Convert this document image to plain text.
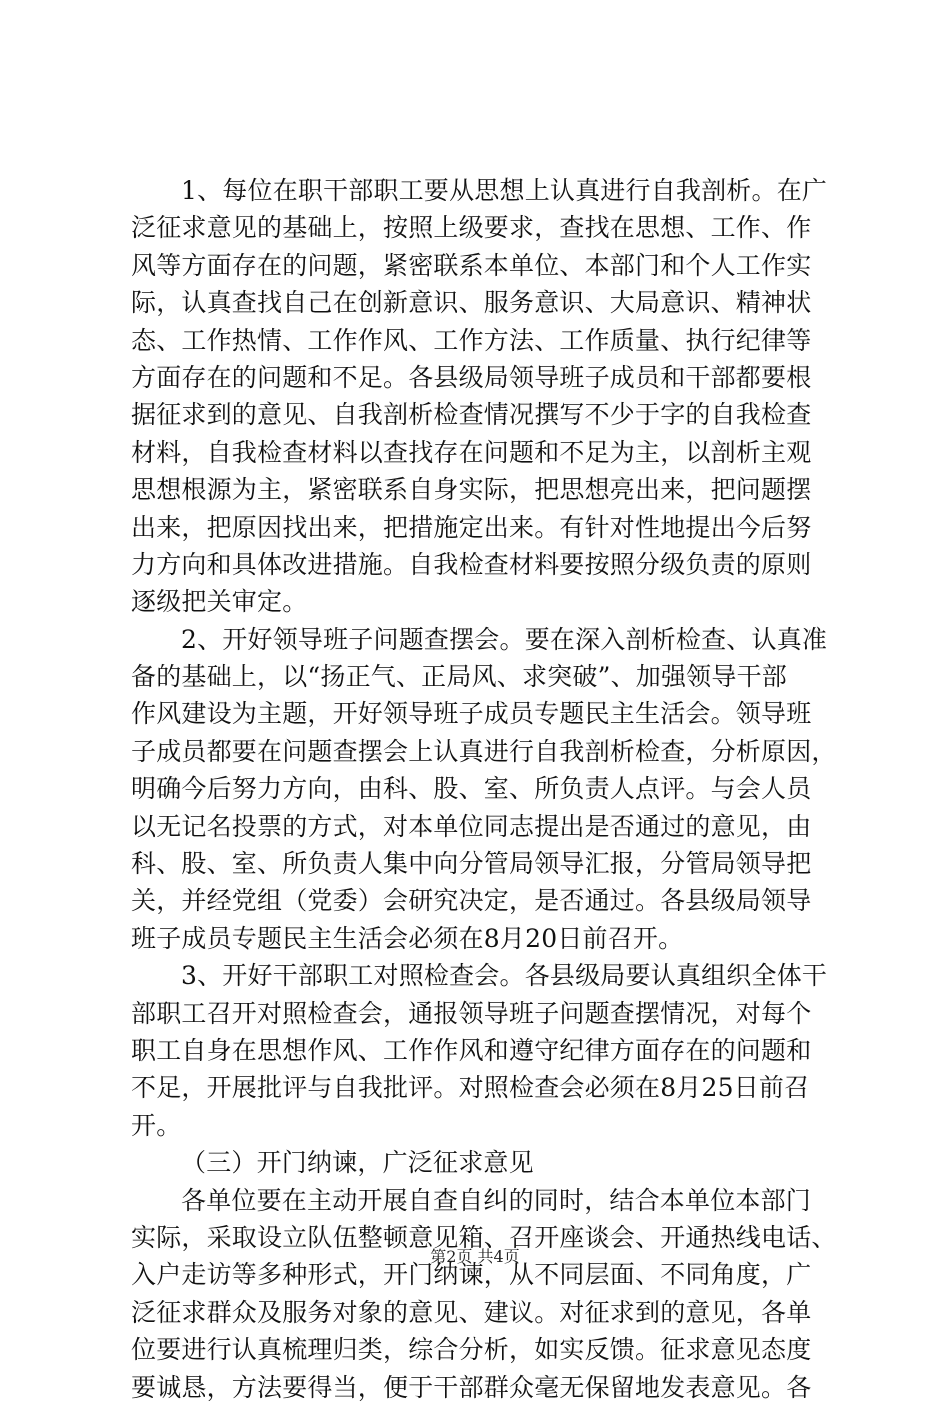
1、每位在职干部职工要从思想上认真进行自我剖析。在广
泛征求意见的基础上，按照上级要求，查找在思想、工作、作
风等方面存在的问题，紧密联系本单位、本部门和个人工作实
际，认真查找自己在创新意识、服务意识、大局意识、精神状
态、工作热情、工作作风、工作方法、工作质量、执行纪律等
方面存在的问题和不足。各县级局领导班子成员和干部都要根
据征求到的意见、自我剖析检查情况撰写不少于字的自我检查
材料，自我检查材料以查找存在问题和不足为主，以剖析主观
思想根源为主，紧密联系自身实际，把思想亮出来，把问题摆
出来，把原因找出来，把措施定出来。有针对性地提出今后努
力方向和具体改进措施。自我检查材料要按照分级负责的原则
逐级把关审定。
2、开好领导班子问题查摆会。要在深入剖析检查、认真准
备的基础上，以“扬正气、正局风、求突破”、加强领导干部
作风建设为主题，开好领导班子成员专题民主生活会。领导班
子成员都要在问题查摆会上认真进行自我剖析检查，分析原因，
明确今后努力方向，由科、股、室、所负责人点评。与会人员
以无记名投票的方式，对本单位同志提出是否通过的意见，由
科、股、室、所负责人集中向分管局领导汇报，分管局领导把
关，并经党组（党委）会研究决定，是否通过。各县级局领导
班子成员专题民主生活会必须在8月20日前召开。
3、开好干部职工对照检查会。各县级局要认真组织全体干
部职工召开对照检查会，通报领导班子问题查摆情况，对每个
职工自身在思想作风、工作作风和遵守纪律方面存在的问题和
不足，开展批评与自我批评。对照检查会必须在8月25日前召
开。
（三）开门纳谏，广泛征求意见
各单位要在主动开展自查自纠的同时，结合本单位本部门
实际，采取设立队伍整顿意见箱、召开座谈会、开通热线电话、
入户走访等多种形式，开门纳谏，从不同层面、不同角度，广
泛征求群众及服务对象的意见、建议。对征求到的意见，各单
位要进行认真梳理归类，综合分析，如实反馈。征求意见态度
要诚恳，方法要得当，便于干部群众毫无保留地发表意见。各
第2页 共4页
